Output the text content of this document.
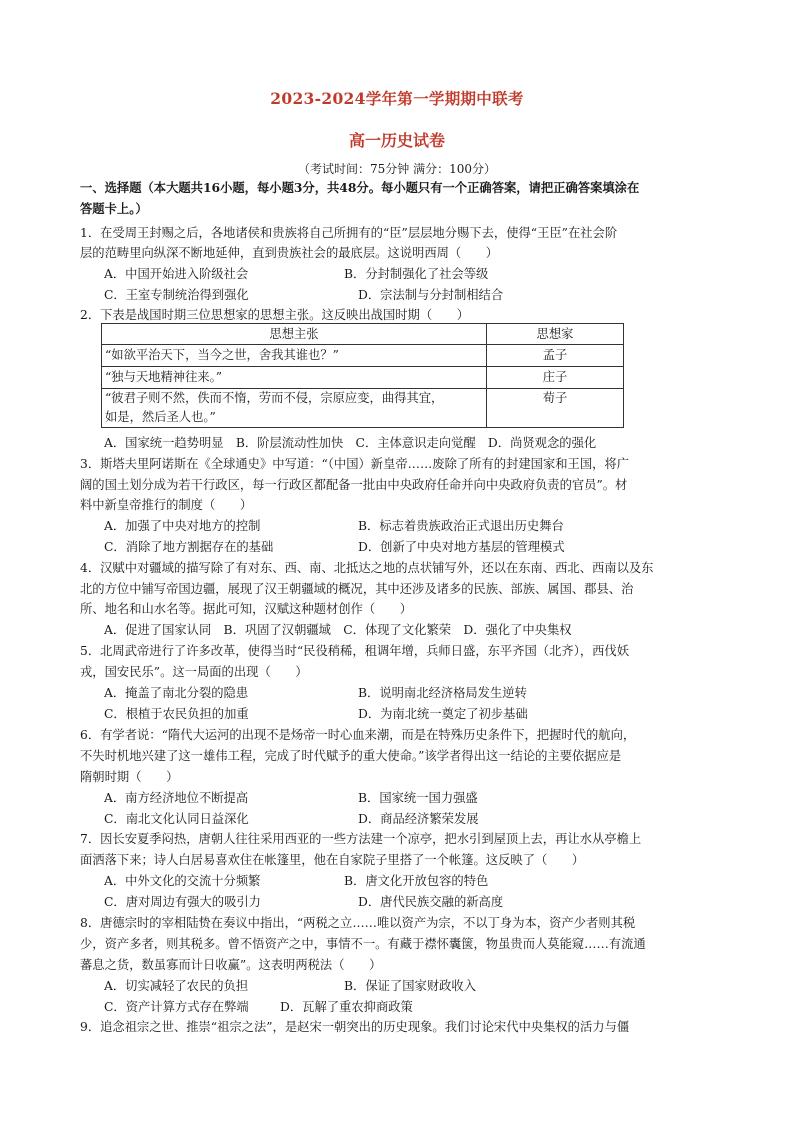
2023-2024学年第一学期期中联考
高一历史试卷
（考试时间：75分钟 满分：100分）
一、选择题（本大题共16小题，每小题3分，共48分。每小题只有一个正确答案，请把正确答案填涂在
答题卡上。）
1．在受周王封赐之后，各地诸侯和贵族将自己所拥有的“臣”层层地分赐下去，使得“王臣”在社会阶
层的范畴里向纵深不断地延伸，直到贵族社会的最底层。这说明西周（　　）
A．中国开始进入阶级社会	B．分封制强化了社会等级
C．王室专制统治得到强化	D．宗法制与分封制相结合
2．下表是战国时期三位思想家的思想主张。这反映出战国时期（　　）
思想主张	思想家
“如欲平治天下，当今之世，舍我其谁也？”	孟子
“独与天地精神往来。”	庄子

“彼君子则不然，佚而不惰，劳而不侵，宗原应变，曲得其宜，
如是，然后圣人也。”	荀子
A．国家统一趋势明显　B．阶层流动性加快　C．主体意识走向觉醒　D．尚贤观念的强化
3．斯塔夫里阿诺斯在《全球通史》中写道：“（中国）新皇帝……废除了所有的封建国家和王国，将广
阔的国土划分成为若干行政区，每一行政区都配备一批由中央政府任命并向中央政府负责的官员”。材
料中新皇帝推行的制度（　　）
A．加强了中央对地方的控制	B．标志着贵族政治正式退出历史舞台
C．消除了地方割据存在的基础	D．创新了中央对地方基层的管理模式
4．汉赋中对疆域的描写除了有对东、西、南、北抵达之地的点状铺写外，还以在东南、西北、西南以及东
北的方位中铺写帝国边疆，展现了汉王朝疆域的概况，其中还涉及诸多的民族、部族、属国、郡县、治
所、地名和山水名等。据此可知，汉赋这种题材创作（　　）
A．促进了国家认同　B．巩固了汉朝疆域　C．体现了文化繁荣　D．强化了中央集权
5．北周武帝进行了许多改革，使得当时“民役稍稀，租调年增，兵师日盛，东平齐国（北齐），西伐妖
戎，国安民乐”。这一局面的出现（　　）
A．掩盖了南北分裂的隐患	B．说明南北经济格局发生逆转
C．根植于农民负担的加重	D．为南北统一奠定了初步基础
6．有学者说：“隋代大运河的出现不是炀帝一时心血来潮，而是在特殊历史条件下，把握时代的航向，
不失时机地兴建了这一雄伟工程，完成了时代赋予的重大使命。”该学者得出这一结论的主要依据应是
隋朝时期（　　）
A．南方经济地位不断提高	B．国家统一国力强盛
C．南北文化认同日益深化	D．商品经济繁荣发展
7．因长安夏季闷热，唐朝人往往采用西亚的一些方法建一个凉亭，把水引到屋顶上去，再让水从亭檐上
面洒落下来；诗人白居易喜欢住在帐篷里，他在自家院子里搭了一个帐篷。这反映了（　　）
A．中外文化的交流十分频繁	B．唐文化开放包容的特色
C．唐对周边有强大的吸引力	D．唐代民族交融的新高度
8．唐德宗时的宰相陆贽在奏议中指出，“两税之立……唯以资产为宗，不以丁身为本，资产少者则其税
少，资产多者，则其税多。曾不悟资产之中，事情不一。有藏于襟怀囊箧，物虽贵而人莫能窥……有流通
蕃息之货，数虽寡而计日收赢”。这表明两税法（　　）
A．切实减轻了农民的负担	B．保证了国家财政收入
C．资产计算方式存在弊端	D．瓦解了重农抑商政策
9．追念祖宗之世、推崇“祖宗之法”，是赵宋一朝突出的历史现象。我们讨论宋代中央集权的活力与僵
